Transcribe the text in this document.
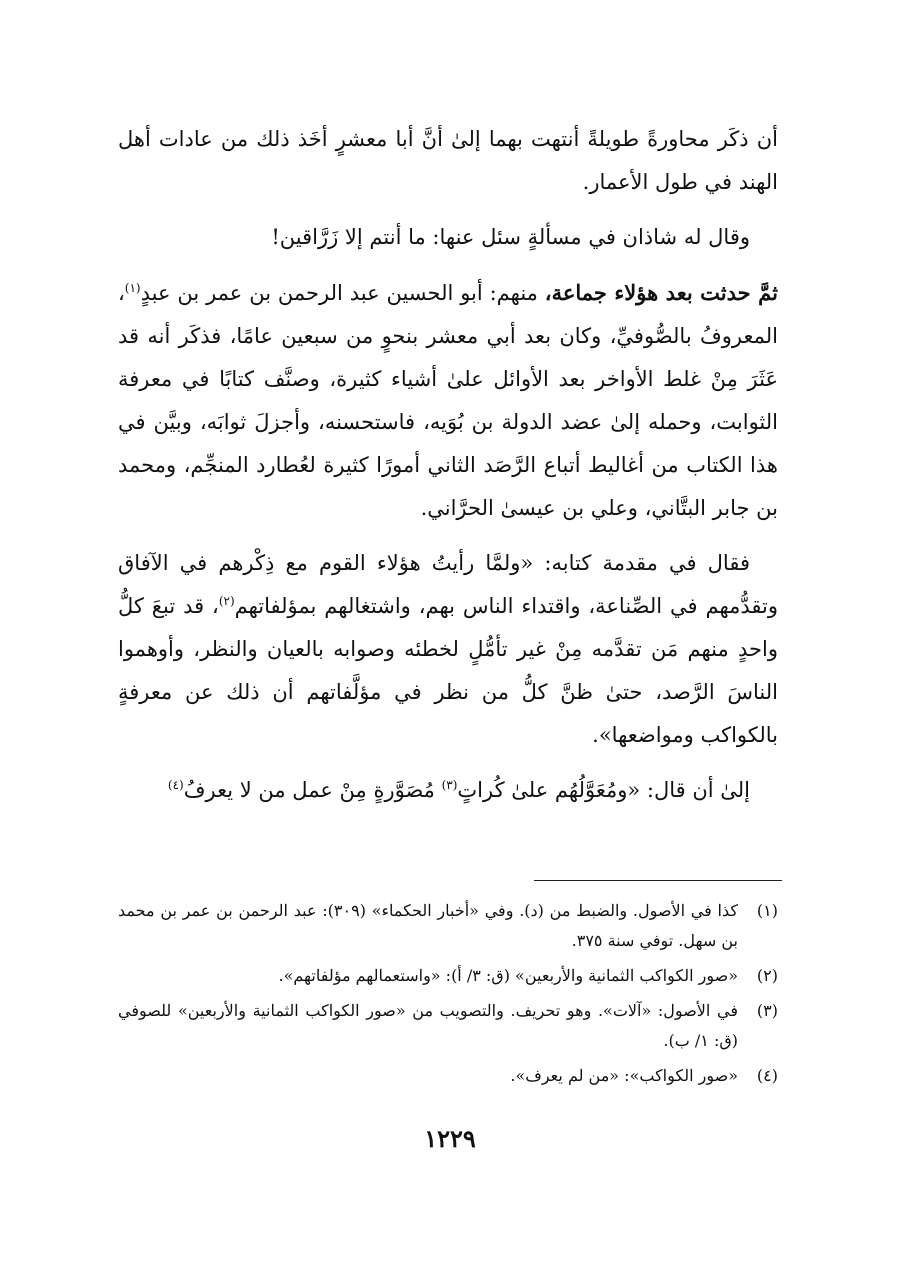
أن ذكَر محاورةً طويلةً أنتهت بهما إلىٰ أنَّ أبا معشرٍ أخَذ ذلك من عادات أهل الهند في طول الأعمار.

وقال له شاذان في مسألةٍ سئل عنها: ما أنتم إلا زَرَّاقين!

ثمَّ حدثت بعد هؤلاء جماعة، منهم: أبو الحسين عبد الرحمن بن عمر بن عبدٍ$^{(١)}$، المعروفُ بالصُّوفيِّ، وكان بعد أبي معشر بنحوٍ من سبعين عامًا، فذكَر أنه قد عَثَرَ مِنْ غلط الأواخر بعد الأوائل علىٰ أشياء كثيرة، وصنَّف كتابًا في معرفة الثوابت، وحمله إلىٰ عضد الدولة بن بُوَيه، فاستحسنه، وأجزلَ ثوابَه، وبيَّن في هذا الكتاب من أغاليط أتباع الرَّصَد الثاني أمورًا كثيرة لعُطارد المنجِّم، ومحمد بن جابر البتَّاني، وعلي بن عيسىٰ الحرَّاني.

فقال في مقدمة كتابه: «ولمَّا رأيتُ هؤلاء القوم مع ذِكْرهم في الآفاق وتقدُّمهم في الصِّناعة، واقتداء الناس بهم، واشتغالهم بمؤلفاتهم$^{(٢)}$، قد تبعَ كلُّ واحدٍ منهم مَن تقدَّمه مِنْ غير تأمُّلٍ لخطئه وصوابه بالعيان والنظر، وأوهموا الناسَ الرَّصد، حتىٰ ظنَّ كلُّ من نظر في مؤلَّفاتهم أن ذلك عن معرفةٍ بالكواكب ومواضعها».

إلىٰ أن قال: «ومُعَوَّلُهُم علىٰ كُراتٍ$^{(٣)}$ مُصَوَّرةٍ مِنْ عمل من لا يعرفُ$^{(٤)}$

(١)
كذا في الأصول. والضبط من (د). وفي «أخبار الحكماء» (٣٠٩): عبد الرحمن بن عمر بن محمد بن سهل. توفي سنة ٣٧٥.
(٢)
«صور الكواكب الثمانية والأربعين» (ق: ٣/ أ): «واستعمالهم مؤلفاتهم».
(٣)
في الأصول: «آلات». وهو تحريف. والتصويب من «صور الكواكب الثمانية والأربعين» للصوفي (ق: ١/ ب).
(٤)
«صور الكواكب»: «من لم يعرف».
١٢٢٩
